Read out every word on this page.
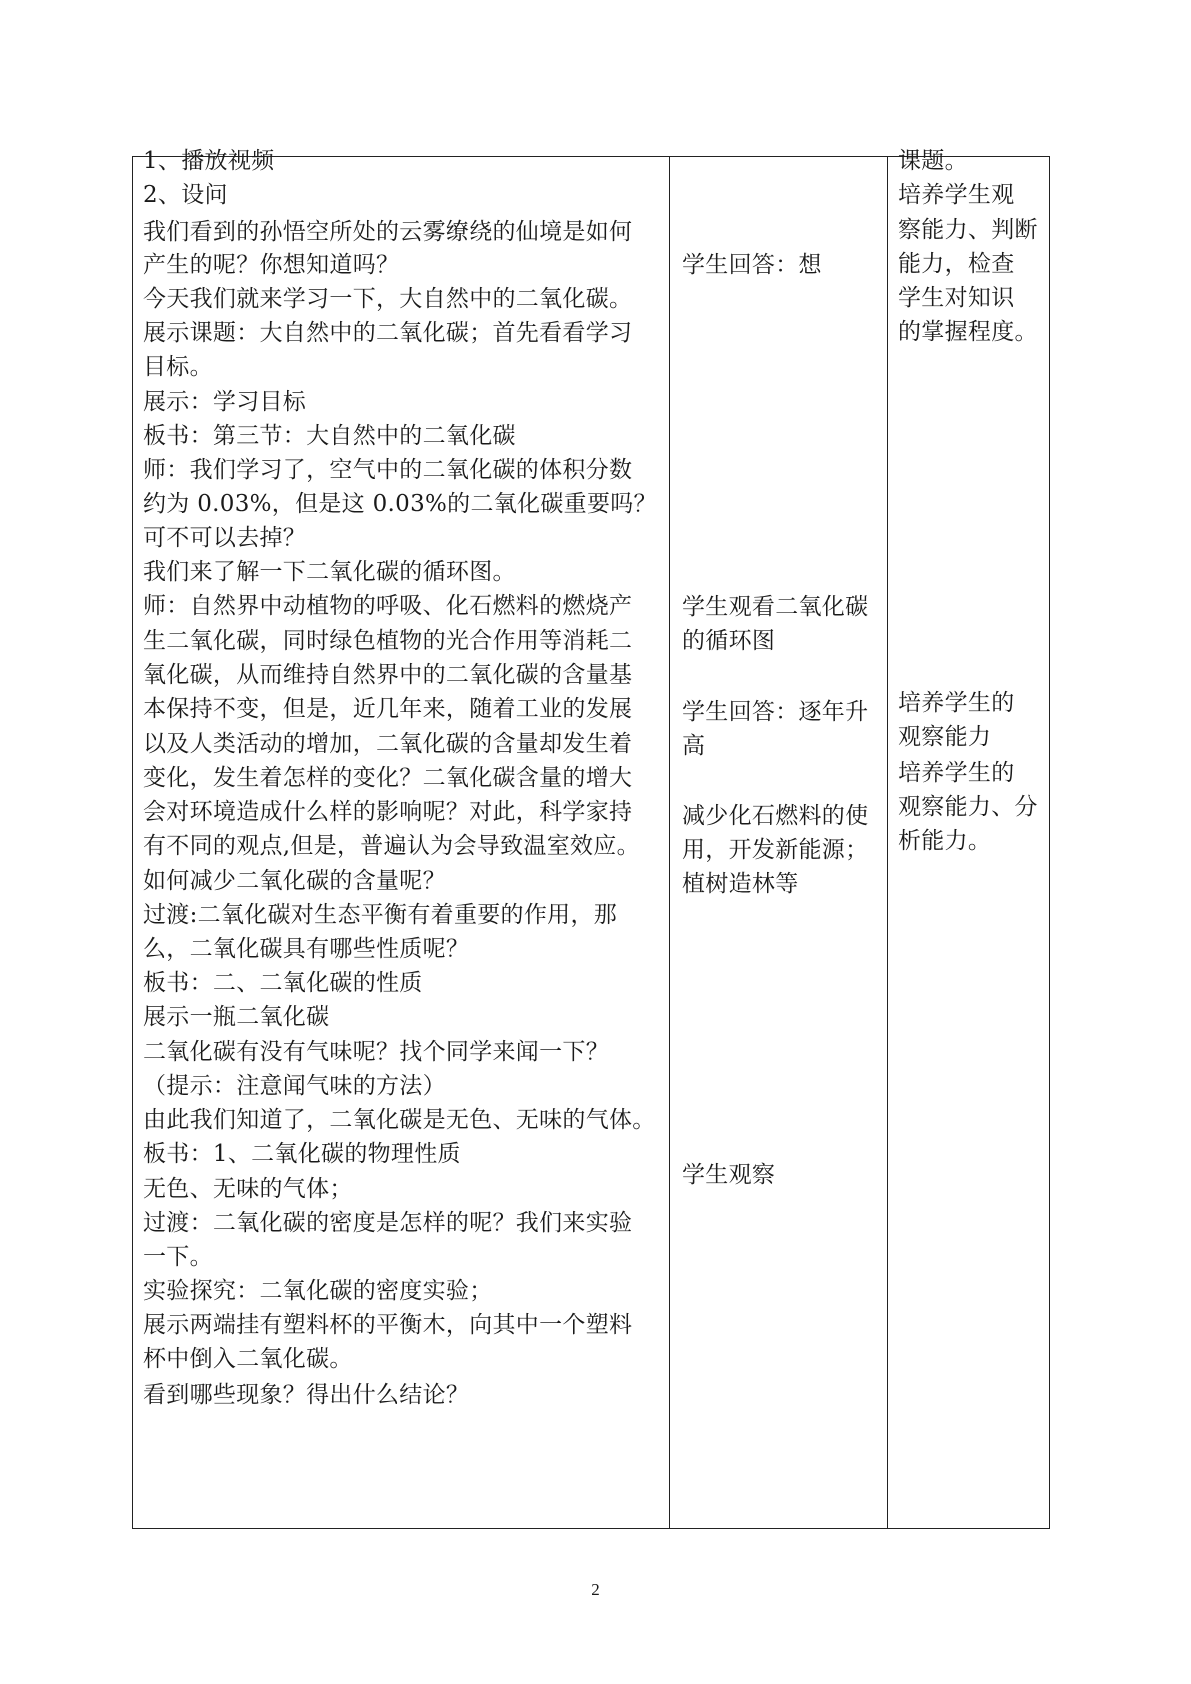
1、播放视频
2、设问
我们看到的孙悟空所处的云雾缭绕的仙境是如何
产生的呢？你想知道吗？
今天我们就来学习一下，大自然中的二氧化碳。
展示课题：大自然中的二氧化碳；首先看看学习
目标。
展示：学习目标
板书：第三节：大自然中的二氧化碳
师：我们学习了，空气中的二氧化碳的体积分数
约为 0.03%，但是这 0.03%的二氧化碳重要吗？
可不可以去掉？
我们来了解一下二氧化碳的循环图。
师：自然界中动植物的呼吸、化石燃料的燃烧产
生二氧化碳，同时绿色植物的光合作用等消耗二
氧化碳，从而维持自然界中的二氧化碳的含量基
本保持不变，但是，近几年来，随着工业的发展
以及人类活动的增加，二氧化碳的含量却发生着
变化，发生着怎样的变化？二氧化碳含量的增大
会对环境造成什么样的影响呢？对此，科学家持
有不同的观点,但是，普遍认为会导致温室效应。
如何减少二氧化碳的含量呢？
过渡:二氧化碳对生态平衡有着重要的作用，那
么，二氧化碳具有哪些性质呢？
板书：二、二氧化碳的性质
展示一瓶二氧化碳
二氧化碳有没有气味呢？找个同学来闻一下？
（提示：注意闻气味的方法）
由此我们知道了，二氧化碳是无色、无味的气体。
板书：1、二氧化碳的物理性质
无色、无味的气体；
过渡：二氧化碳的密度是怎样的呢？我们来实验
一下。
实验探究：二氧化碳的密度实验；
展示两端挂有塑料杯的平衡木，向其中一个塑料
杯中倒入二氧化碳。
看到哪些现象？得出什么结论？
学生回答：想
学生观看二氧化碳
的循环图
学生回答：逐年升
高
减少化石燃料的使
用，开发新能源；
植树造林等
学生观察
课题。
培养学生观
察能力、判断
能力，检查
学生对知识
的掌握程度。
培养学生的
观察能力
培养学生的
观察能力、分
析能力。
2
